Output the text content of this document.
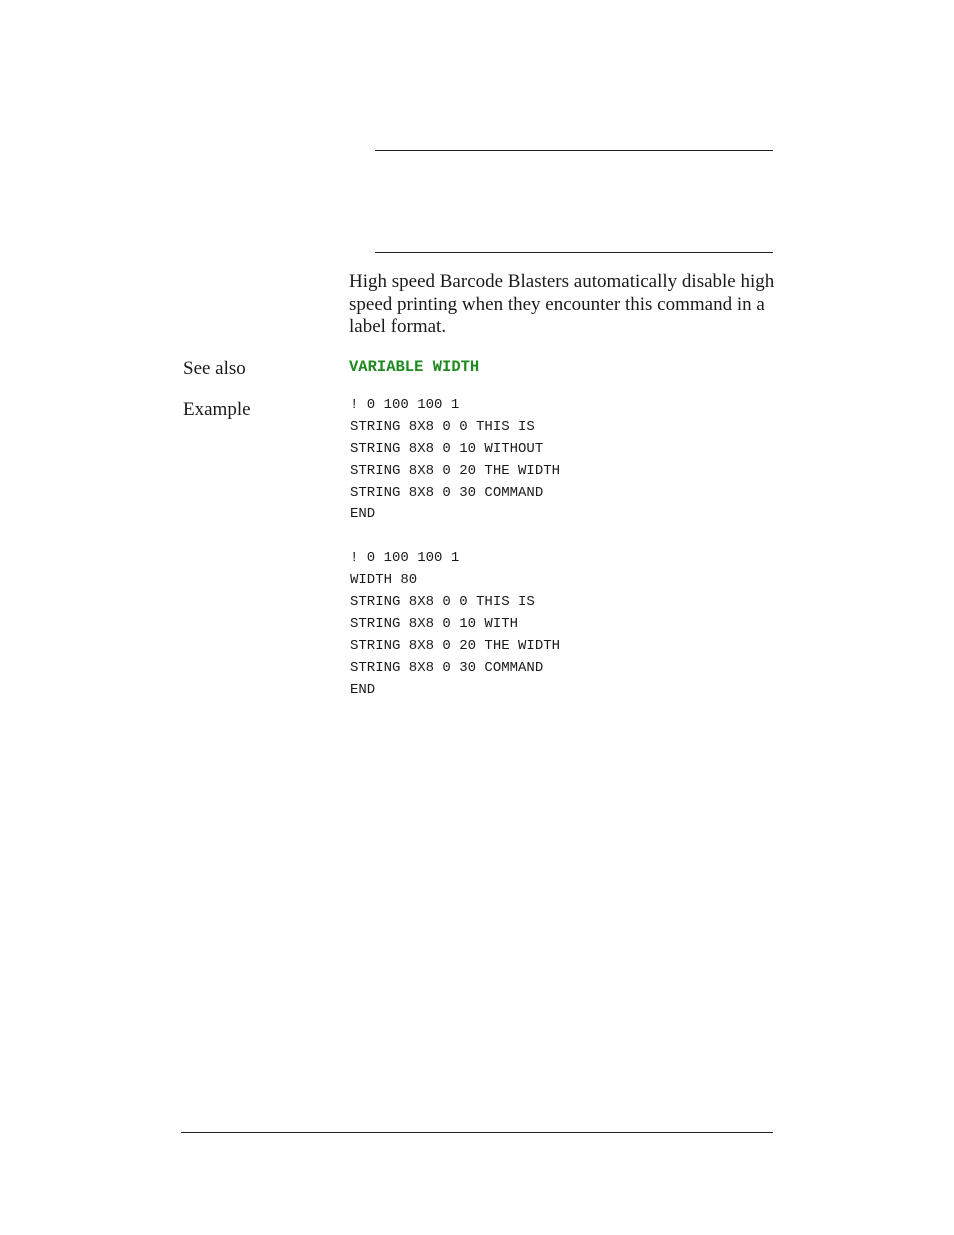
High speed Barcode Blasters automatically disable high speed printing when they encounter this command in a label format.

See also	VARIABLE WIDTH
Example	! 0 100 100 1
STRING 8X8 0 0 THIS IS
STRING 8X8 0 10 WITHOUT
STRING 8X8 0 20 THE WIDTH
STRING 8X8 0 30 COMMAND
END
! 0 100 100 1
WIDTH 80
STRING 8X8 0 0 THIS IS
STRING 8X8 0 10 WITH
STRING 8X8 0 20 THE WIDTH
STRING 8X8 0 30 COMMAND
END
